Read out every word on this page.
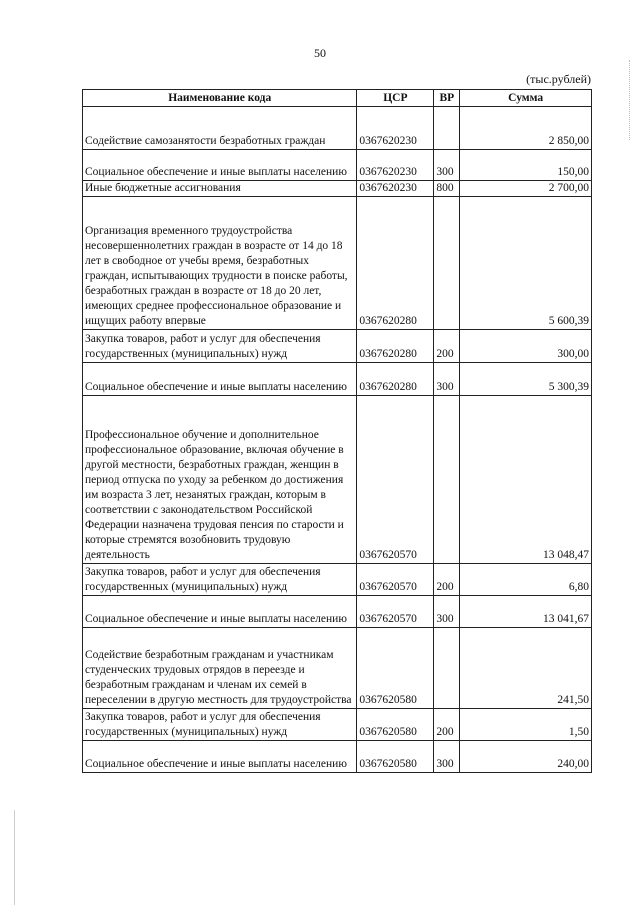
50
(тыс.рублей)
Наименование кода	ЦСР	ВР	Сумма
Содействие самозанятости безработных граждан	0367620230		2 850,00
Социальное обеспечение и иные выплаты населению	0367620230	300	150,00
Иные бюджетные ассигнования	0367620230	800	2 700,00
Организация временного трудоустройства несовершеннолетних граждан в возрасте от 14 до 18 лет в свободное от учебы время, безработных граждан, испытывающих трудности в поиске работы, безработных граждан в возрасте от 18 до 20 лет, имеющих среднее профессиональное образование и ищущих работу впервые	0367620280		5 600,39
Закупка товаров, работ и услуг для обеспечения государственных (муниципальных) нужд	0367620280	200	300,00
Социальное обеспечение и иные выплаты населению	0367620280	300	5 300,39
Профессиональное обучение и дополнительное профессиональное образование, включая обучение в другой местности, безработных граждан, женщин в период отпуска по уходу за ребенком до достижения им возраста 3 лет, незанятых граждан, которым в соответствии с законодательством Российской Федерации назначена трудовая пенсия по старости и которые стремятся возобновить трудовую деятельность	0367620570		13 048,47
Закупка товаров, работ и услуг для обеспечения государственных (муниципальных) нужд	0367620570	200	6,80
Социальное обеспечение и иные выплаты населению	0367620570	300	13 041,67
Содействие безработным гражданам и участникам студенческих трудовых отрядов в переезде и безработным гражданам и членам их семей в переселении в другую местность для трудоустройства	0367620580		241,50
Закупка товаров, работ и услуг для обеспечения государственных (муниципальных) нужд	0367620580	200	1,50
Социальное обеспечение и иные выплаты населению	0367620580	300	240,00
